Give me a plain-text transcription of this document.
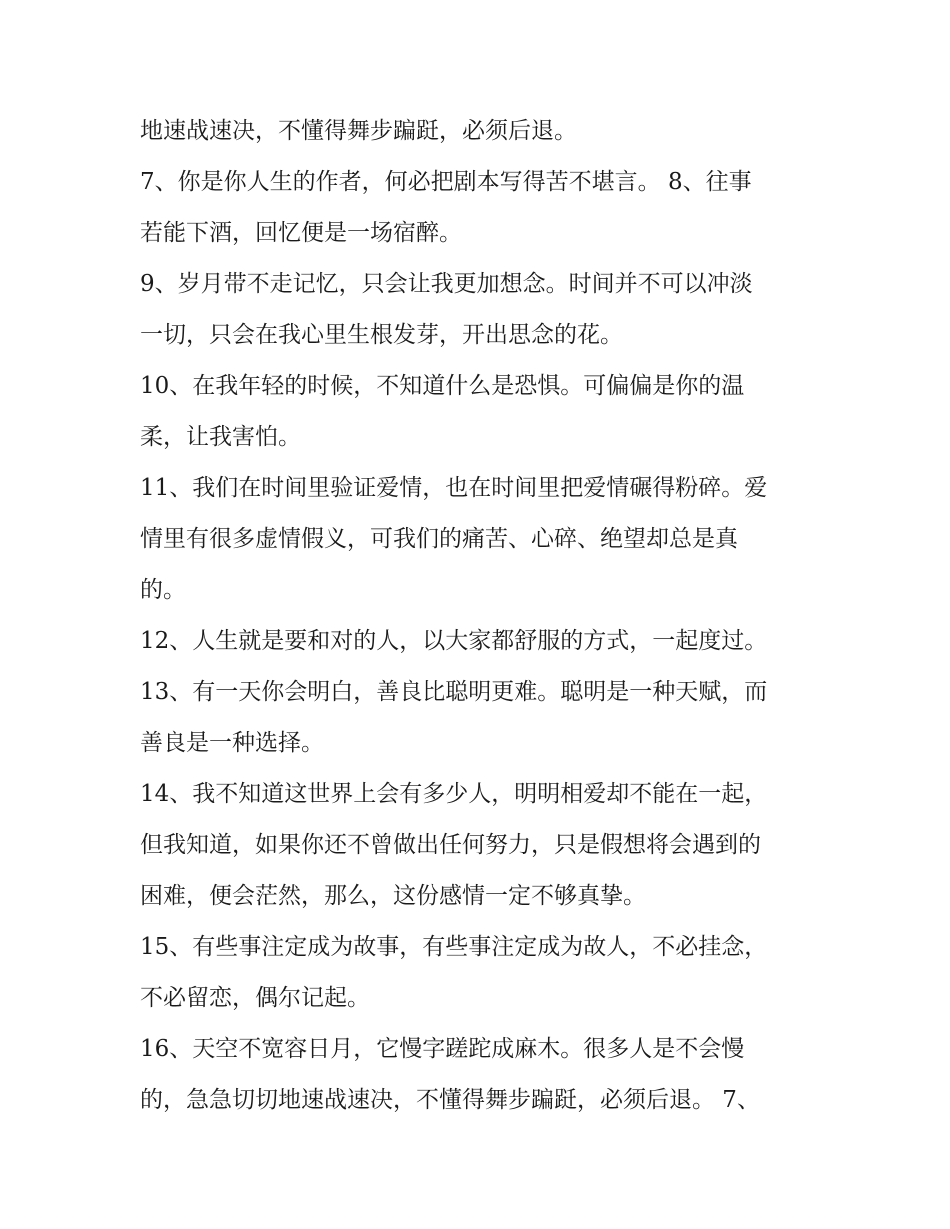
地速战速决，不懂得舞步蹁跹，必须后退。
7、你是你人生的作者，何必把剧本写得苦不堪言。 8、往事
若能下酒，回忆便是一场宿醉。
9、岁月带不走记忆，只会让我更加想念。时间并不可以冲淡
一切，只会在我心里生根发芽，开出思念的花。
10、在我年轻的时候，不知道什么是恐惧。可偏偏是你的温
柔，让我害怕。
11、我们在时间里验证爱情，也在时间里把爱情碾得粉碎。爱
情里有很多虚情假义，可我们的痛苦、心碎、绝望却总是真
的。
12、人生就是要和对的人，以大家都舒服的方式，一起度过。
13、有一天你会明白，善良比聪明更难。聪明是一种天赋，而
善良是一种选择。
14、我不知道这世界上会有多少人，明明相爱却不能在一起，
但我知道，如果你还不曾做出任何努力，只是假想将会遇到的
困难，便会茫然，那么，这份感情一定不够真挚。
15、有些事注定成为故事，有些事注定成为故人，不必挂念，
不必留恋，偶尔记起。
16、天空不宽容日月，它慢字蹉跎成麻木。很多人是不会慢
的，急急切切地速战速决，不懂得舞步蹁跹，必须后退。 7、
